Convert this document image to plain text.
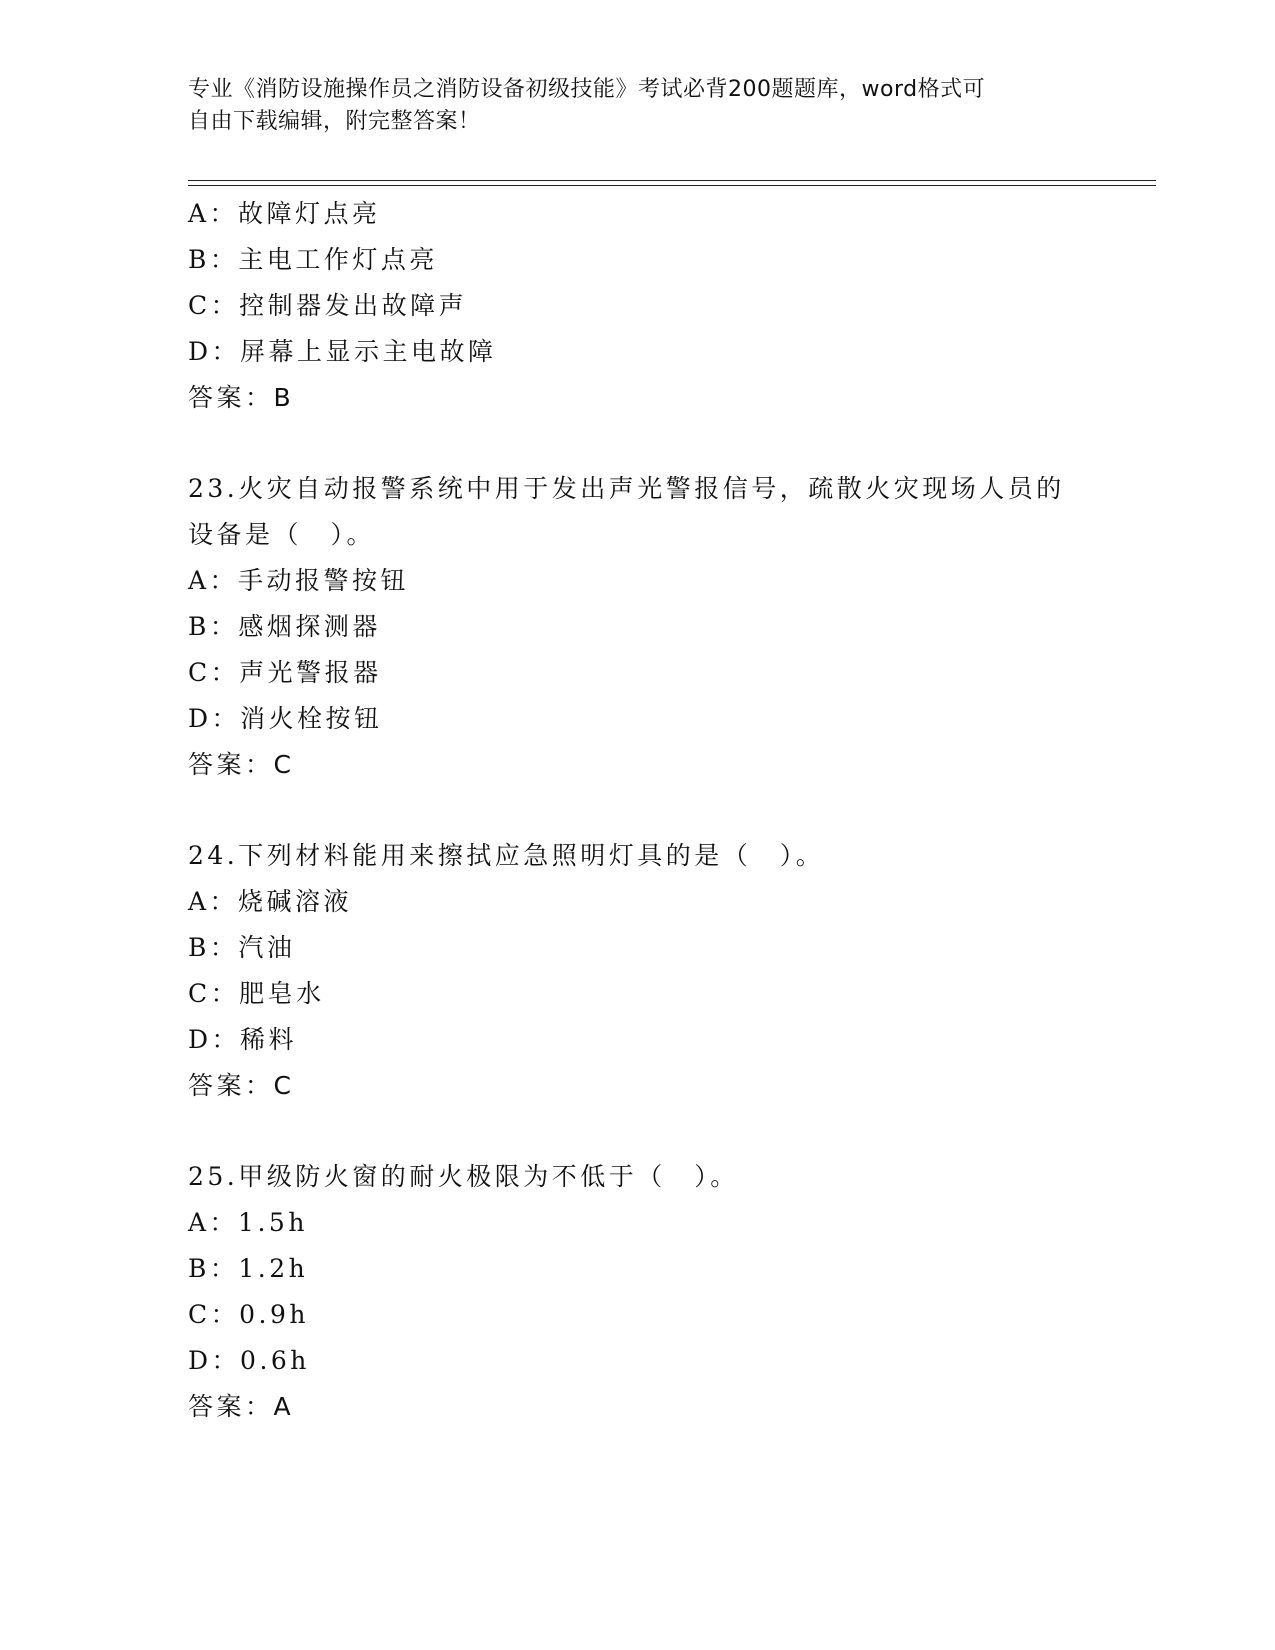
专业《消防设施操作员之消防设备初级技能》考试必背200题题库，word格式可
自由下载编辑，附完整答案！
A：故障灯点亮
B：主电工作灯点亮
C：控制器发出故障声
D：屏幕上显示主电故障
答案：B
23.火灾自动报警系统中用于发出声光警报信号，疏散火灾现场人员的
设备是（　）。
A：手动报警按钮
B：感烟探测器
C：声光警报器
D：消火栓按钮
答案：C
24.下列材料能用来擦拭应急照明灯具的是（　）。
A：烧碱溶液
B：汽油
C：肥皂水
D：稀料
答案：C
25.甲级防火窗的耐火极限为不低于（　）。
A：1.5h
B：1.2h
C：0.9h
D：0.6h
答案：A
